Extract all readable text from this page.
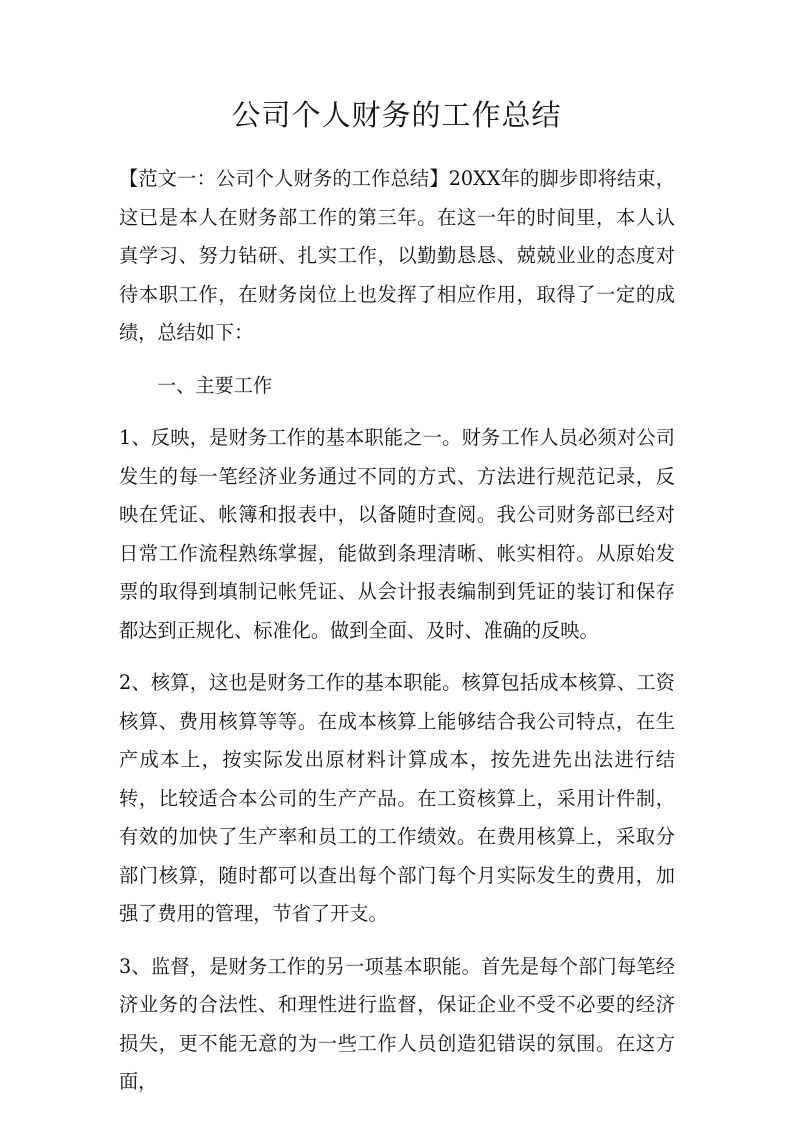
公司个人财务的工作总结

【范文一：公司个人财务的工作总结】20XX年的脚步即将结束，这已是本人在财务部工作的第三年。在这一年的时间里，本人认真学习、努力钻研、扎实工作，以勤勤恳恳、兢兢业业的态度对待本职工作，在财务岗位上也发挥了相应作用，取得了一定的成绩，总结如下：

一、主要工作

1、反映，是财务工作的基本职能之一。财务工作人员必须对公司发生的每一笔经济业务通过不同的方式、方法进行规范记录，反映在凭证、帐簿和报表中，以备随时查阅。我公司财务部已经对日常工作流程熟练掌握，能做到条理清晰、帐实相符。从原始发票的取得到填制记帐凭证、从会计报表编制到凭证的装订和保存都达到正规化、标准化。做到全面、及时、准确的反映。

2、核算，这也是财务工作的基本职能。核算包括成本核算、工资核算、费用核算等等。在成本核算上能够结合我公司特点，在生产成本上，按实际发出原材料计算成本，按先进先出法进行结转，比较适合本公司的生产产品。在工资核算上，采用计件制，有效的加快了生产率和员工的工作绩效。在费用核算上，采取分部门核算，随时都可以查出每个部门每个月实际发生的费用，加强了费用的管理，节省了开支。

3、监督，是财务工作的另一项基本职能。首先是每个部门每笔经济业务的合法性、和理性进行监督，保证企业不受不必要的经济损失，更不能无意的为一些工作人员创造犯错误的氛围。在这方面，
